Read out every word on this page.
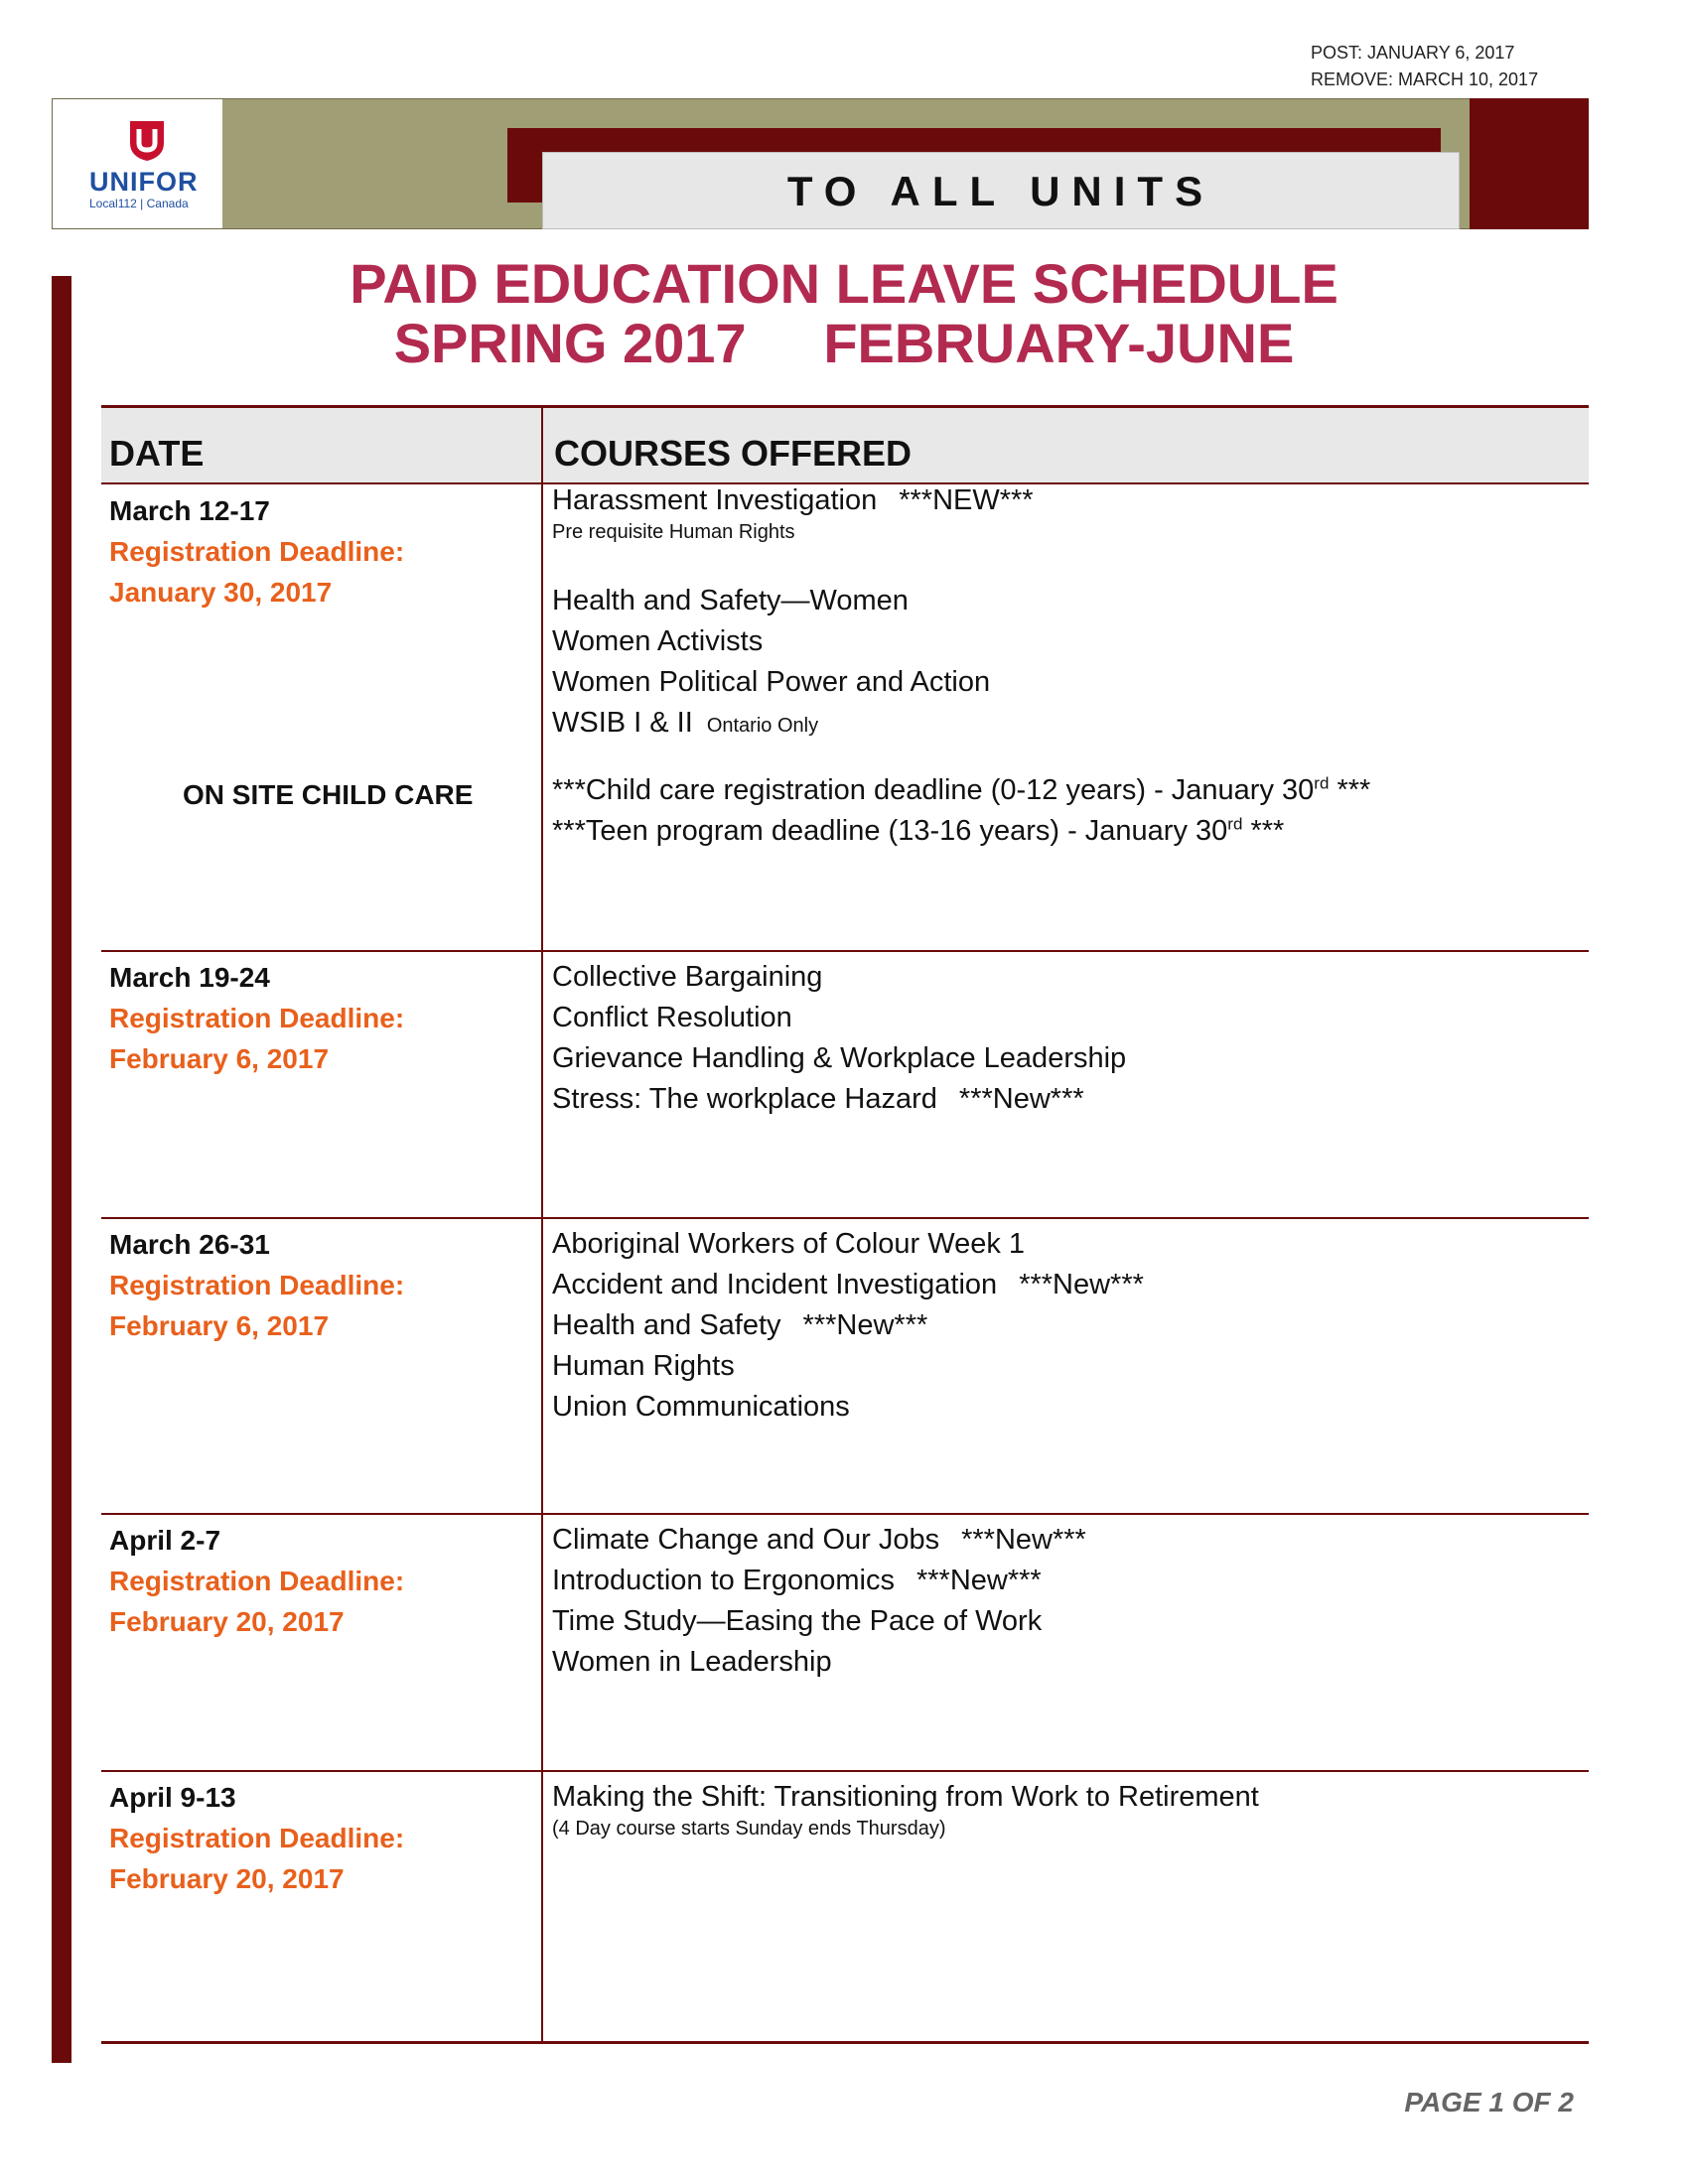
POST: JANUARY 6, 2017
REMOVE: MARCH 10, 2017
UNIFOR
Local112 | Canada	TO ALL UNITS
PAID EDUCATION LEAVE SCHEDULE
SPRING 2017     FEBRUARY-JUNE
DATE	COURSES OFFERED
March 12-17
Registration Deadline:
January 30, 2017
ON SITE CHILD CARE
Harassment Investigation ***NEW***
Pre requisite Human Rights
Health and Safety—Women
Women Activists
Women Political Power and Action
WSIB I & II Ontario Only
***Child care registration deadline (0-12 years) - January 30rd ***
***Teen program deadline (13-16 years) - January 30rd ***
March 19-24
Registration Deadline:
February 6, 2017
Collective Bargaining
Conflict Resolution
Grievance Handling & Workplace Leadership
Stress: The workplace Hazard ***New***
March 26-31
Registration Deadline:
February 6, 2017
Aboriginal Workers of Colour Week 1
Accident and Incident Investigation ***New***
Health and Safety ***New***
Human Rights
Union Communications
April 2-7
Registration Deadline:
February 20, 2017
Climate Change and Our Jobs ***New***
Introduction to Ergonomics ***New***
Time Study—Easing the Pace of Work
Women in Leadership
April 9-13
Registration Deadline:
February 20, 2017
Making the Shift: Transitioning from Work to Retirement
(4 Day course starts Sunday ends Thursday)
PAGE 1 OF 2
